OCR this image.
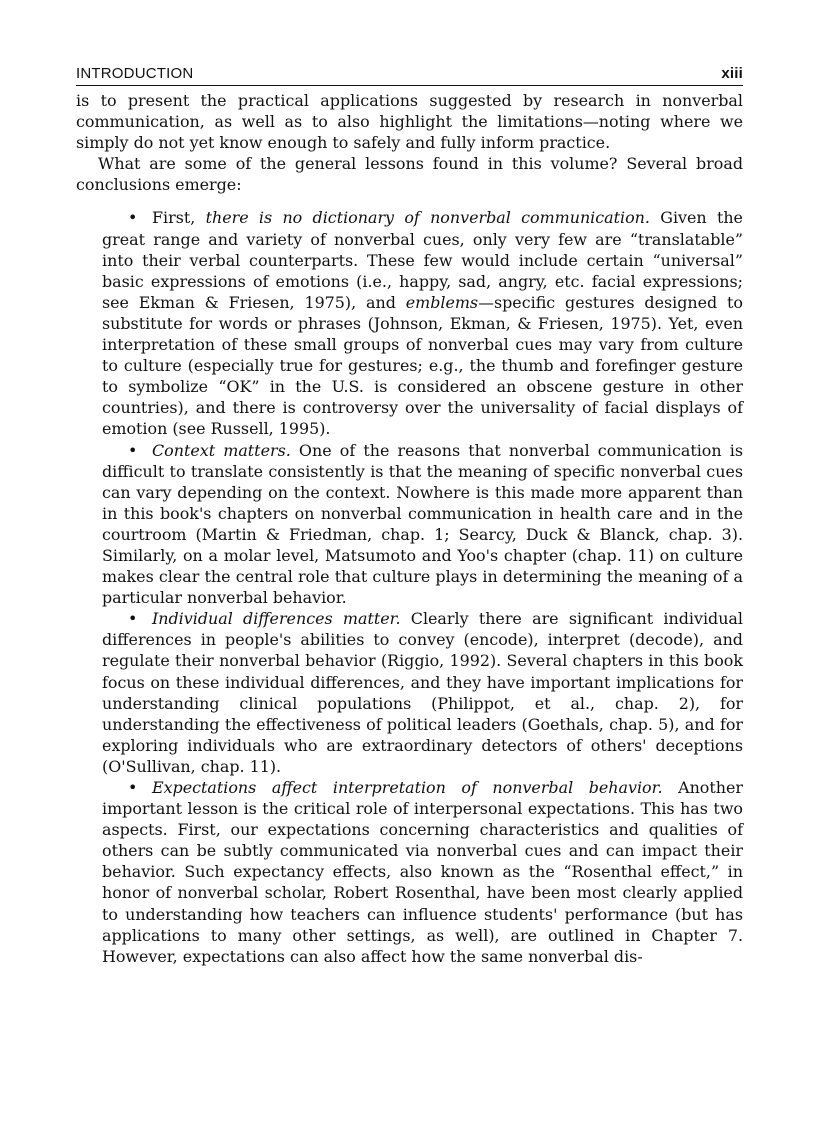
INTRODUCTION	xiii

is to present the practical applications suggested by research in nonverbal communication, as well as to also highlight the limitations—noting where we simply do not yet know enough to safely and fully inform practice.

What are some of the general lessons found in this volume? Several broad conclusions emerge:

• First, there is no dictionary of nonverbal communication. Given the great range and variety of nonverbal cues, only very few are “translatable” into their verbal counterparts. These few would include certain “universal” basic expressions of emotions (i.e., happy, sad, angry, etc. facial expressions; see Ekman & Friesen, 1975), and emblems—specific gestures designed to substitute for words or phrases (Johnson, Ekman, & Friesen, 1975). Yet, even interpretation of these small groups of nonverbal cues may vary from culture to culture (especially true for gestures; e.g., the thumb and forefinger gesture to symbolize “OK” in the U.S. is considered an obscene gesture in other countries), and there is controversy over the universality of facial displays of emotion (see Russell, 1995).
• Context matters. One of the reasons that nonverbal communication is difficult to translate consistently is that the meaning of specific nonverbal cues can vary depending on the context. Nowhere is this made more apparent than in this book's chapters on nonverbal communication in health care and in the courtroom (Martin & Friedman, chap. 1; Searcy, Duck & Blanck, chap. 3). Similarly, on a molar level, Matsumoto and Yoo's chapter (chap. 11) on culture makes clear the central role that culture plays in determining the meaning of a particular nonverbal behavior.
• Individual differences matter. Clearly there are significant individual differences in people's abilities to convey (encode), interpret (decode), and regulate their nonverbal behavior (Riggio, 1992). Several chapters in this book focus on these individual differences, and they have important implications for understanding clinical populations (Philippot, et al., chap. 2), for understanding the effectiveness of political leaders (Goethals, chap. 5), and for exploring individuals who are extraordinary detectors of others' deceptions (O'Sullivan, chap. 11).
• Expectations affect interpretation of nonverbal behavior. Another important lesson is the critical role of interpersonal expectations. This has two aspects. First, our expectations concerning characteristics and qualities of others can be subtly communicated via nonverbal cues and can impact their behavior. Such expectancy effects, also known as the “Rosenthal effect,” in honor of nonverbal scholar, Robert Rosenthal, have been most clearly applied to understanding how teachers can influence students' performance (but has applications to many other settings, as well), are outlined in Chapter 7. However, expectations can also affect how the same nonverbal dis-
